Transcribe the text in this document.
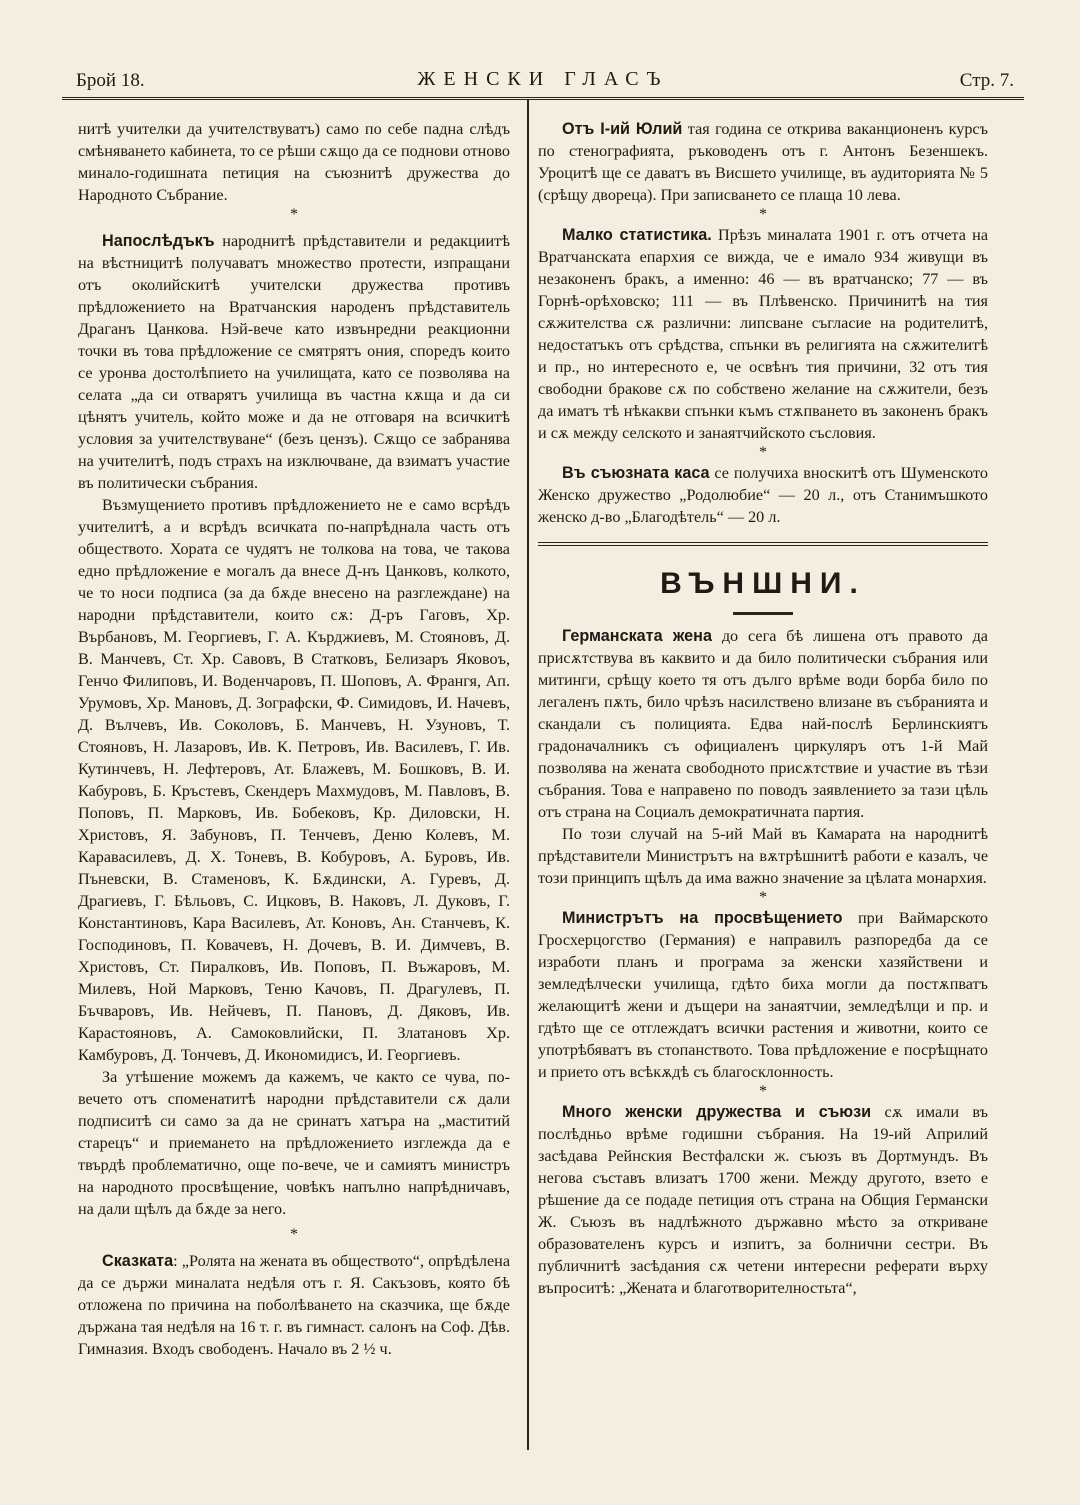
Брой 18.	ЖЕНСКИ ГЛАСЪ	Стр. 7.

нитѣ учителки да учителствуватъ) само по себе падна слѣдъ смѣняването кабинета, то се рѣши сѫщо да се поднови отново минало-годишната петиция на съюзнитѣ дружества до Народното Събрание.

*

Напослѣдъкъ народнитѣ прѣдставители и редакциитѣ на вѣстницитѣ получаватъ множество протести, изпращани отъ околийскитѣ учителски дружества противъ прѣдложението на Вратчанския народенъ прѣдставитель Драганъ Цанкова. Нэй-вече като извънредни реакционни точки въ това прѣдложение се смятрятъ ония, споредъ които се уронва достолѣпието на училищата, като се позволява на селата „да си отварятъ училища въ частна кѫща и да си цѣнятъ учитель, който може и да не отговаря на всичкитѣ условия за учителствуване“ (безъ цензъ). Сѫщо се забранява на учителитѣ, подъ страхъ на изключване, да взиматъ участие въ политически събрания.

Възмущението противъ прѣдложението не е само всрѣдъ учителитѣ, а и всрѣдъ всичката по-напрѣднала часть отъ обществото. Хората се чудятъ не толкова на това, че такова едно прѣдложение е могалъ да внесе Д-нъ Цанковъ, колкото, че то носи подписа (за да бѫде внесено на разглеждане) на народни прѣдставители, които сѫ: Д-ръ Гаговъ, Хр. Върбановъ, М. Георгиевъ, Г. А. Кърджиевъ, М. Стояновъ, Д. В. Манчевъ, Ст. Хр. Савовъ, В Статковъ, Белизаръ Яковоъ, Генчо Филиповъ, И. Воденчаровъ, П. Шоповъ, А. Франгя, Ап. Урумовъ, Хр. Мановъ, Д. Зографски, Ф. Симидовъ, И. Начевъ, Д. Вълчевъ, Ив. Соколовъ, Б. Манчевъ, Н. Узуновъ, Т. Стояновъ, Н. Лазаровъ, Ив. К. Петровъ, Ив. Василевъ, Г. Ив. Кутинчевъ, Н. Лефтеровъ, Ат. Блажевъ, М. Бошковъ, В. И. Кабуровъ, Б. Кръстевъ, Скендеръ Махмудовъ, М. Павловъ, В. Поповъ, П. Марковъ, Ив. Бобековъ, Кр. Диловски, Н. Христовъ, Я. Забуновъ, П. Тенчевъ, Деню Колевъ, М. Каравасилевъ, Д. Х. Тоневъ, В. Кобуровъ, А. Буровъ, Ив. Пъневски, В. Стаменовъ, К. Бѫдински, А. Гуревъ, Д. Драгиевъ, Г. Бѣльовъ, С. Ицковъ, В. Наковъ, Л. Дуковъ, Г. Константиновъ, Кара Василевъ, Ат. Коновъ, Ан. Станчевъ, К. Господиновъ, П. Ковачевъ, Н. Дочевъ, В. И. Димчевъ, В. Христовъ, Ст. Пиралковъ, Ив. Поповъ, П. Въжаровъ, М. Милевъ, Ной Марковъ, Теню Качовъ, П. Драгулевъ, П. Бъчваровъ, Ив. Нейчевъ, П. Пановъ, Д. Дяковъ, Ив. Карастояновъ, А. Самоковлийски, П. Златановъ Хр. Камбуровъ, Д. Тончевъ, Д. Икономидисъ, И. Георгиевъ.

За утѣшение можемъ да кажемъ, че както се чува, по-вечето отъ споменатитѣ народни прѣдставители сѫ дали подписитѣ си само за да не сринатъ хатъра на „маститий старецъ“ и приемането на прѣдложението изглежда да е твърдѣ проблематично, още по-вече, че и самиятъ министръ на народното просвѣщение, човѣкъ напълно напрѣдничавъ, на дали щѣлъ да бѫде за него.

*

Сказката: „Ролята на жената въ обществото“, опрѣдѣлена да се държи миналата недѣля отъ г. Я. Сакъзовъ, която бѣ отложена по причина на поболѣването на сказчика, ще бѫде държана тая недѣля на 16 т. г. въ гимнаст. салонъ на Соф. Дѣв. Гимназия. Входъ свободенъ. Начало въ 2 ½ ч.

Отъ I-ий Юлий тая година се открива ваканционенъ курсъ по стенографията, ръководенъ отъ г. Антонъ Безеншекъ. Уроцитѣ ще се даватъ въ Висшето училище, въ аудиторията № 5 (срѣщу двореца). При записването се плаща 10 лева.

*

Малко статистика. Прѣзъ миналата 1901 г. отъ отчета на Вратчанската епархия се вижда, че е имало 934 живущи въ незаконенъ бракъ, а именно: 46 — въ вратчанско; 77 — въ Горнѣ-орѣховско; 111 — въ Плѣвенско. Причинитѣ на тия сѫжителства сѫ различни: липсване съгласие на родителитѣ, недостатъкъ отъ срѣдства, спънки въ религията на сѫжителитѣ и пр., но интересното е, че освѣнъ тия причини, 32 отъ тия свободни бракове сѫ по собствено желание на сѫжители, безъ да иматъ тѣ нѣкакви спънки къмъ стѫпването въ законенъ бракъ и сѫ между селското и занаятчийското съсловия.

*

Въ съюзната каса се получиха вноскитѣ отъ Шуменското Женско дружество „Родолюбие“ — 20 л., отъ Станимъшкото женско д-во „Благодѣтель“ — 20 л.

ВЪНШНИ.

Германската жена до сега бѣ лишена отъ правото да присѫтствува въ каквито и да било политически събрания или митинги, срѣщу което тя отъ дълго врѣме води борба било по легаленъ пѫть, било чрѣзъ насилствено влизане въ събранията и скандали съ полицията. Едва най-послѣ Берлинскиятъ градоначалникъ съ официаленъ циркуляръ отъ 1-й Май позволява на жената свободното присѫтствие и участие въ тѣзи събрания. Това е направено по поводъ заявлението за тази цѣль отъ страна на Социалъ демократичната партия.

По този случай на 5-ий Май въ Камарата на народнитѣ прѣдставители Министрътъ на вѫтрѣшнитѣ работи е казалъ, че този принципъ щѣлъ да има важно значение за цѣлата монархия.

*

Министрътъ на просвѣщението при Ваймарското Гросхерцогство (Германия) е направилъ разпоредба да се изработи планъ и програма за женски хазяйствени и земледѣлчески училища, гдѣто биха могли да постѫпватъ желающитѣ жени и дъщери на занаятчии, земледѣлци и пр. и гдѣто ще се отглеждатъ всички растения и животни, които се употрѣбяватъ въ стопанството. Това прѣдложение е посрѣщнато и прието отъ всѣкѫдѣ съ благосклонность.

*

Много женски дружества и съюзи сѫ имали въ послѣдньо врѣме годишни събрания. На 19-ий Априлий засѣдава Рейнския Вестфалски ж. съюзъ въ Дортмундъ. Въ негова съставъ влизатъ 1700 жени. Между другото, взето е рѣшение да се подаде петиция отъ страна на Общия Германски Ж. Съюзъ въ надлѣжното държавно мѣсто за откриване образователенъ курсъ и изпитъ, за болнични сестри. Въ публичнитѣ засѣдания сѫ четени интересни реферати върху въпроситѣ: „Жената и благотворителностьта“,
